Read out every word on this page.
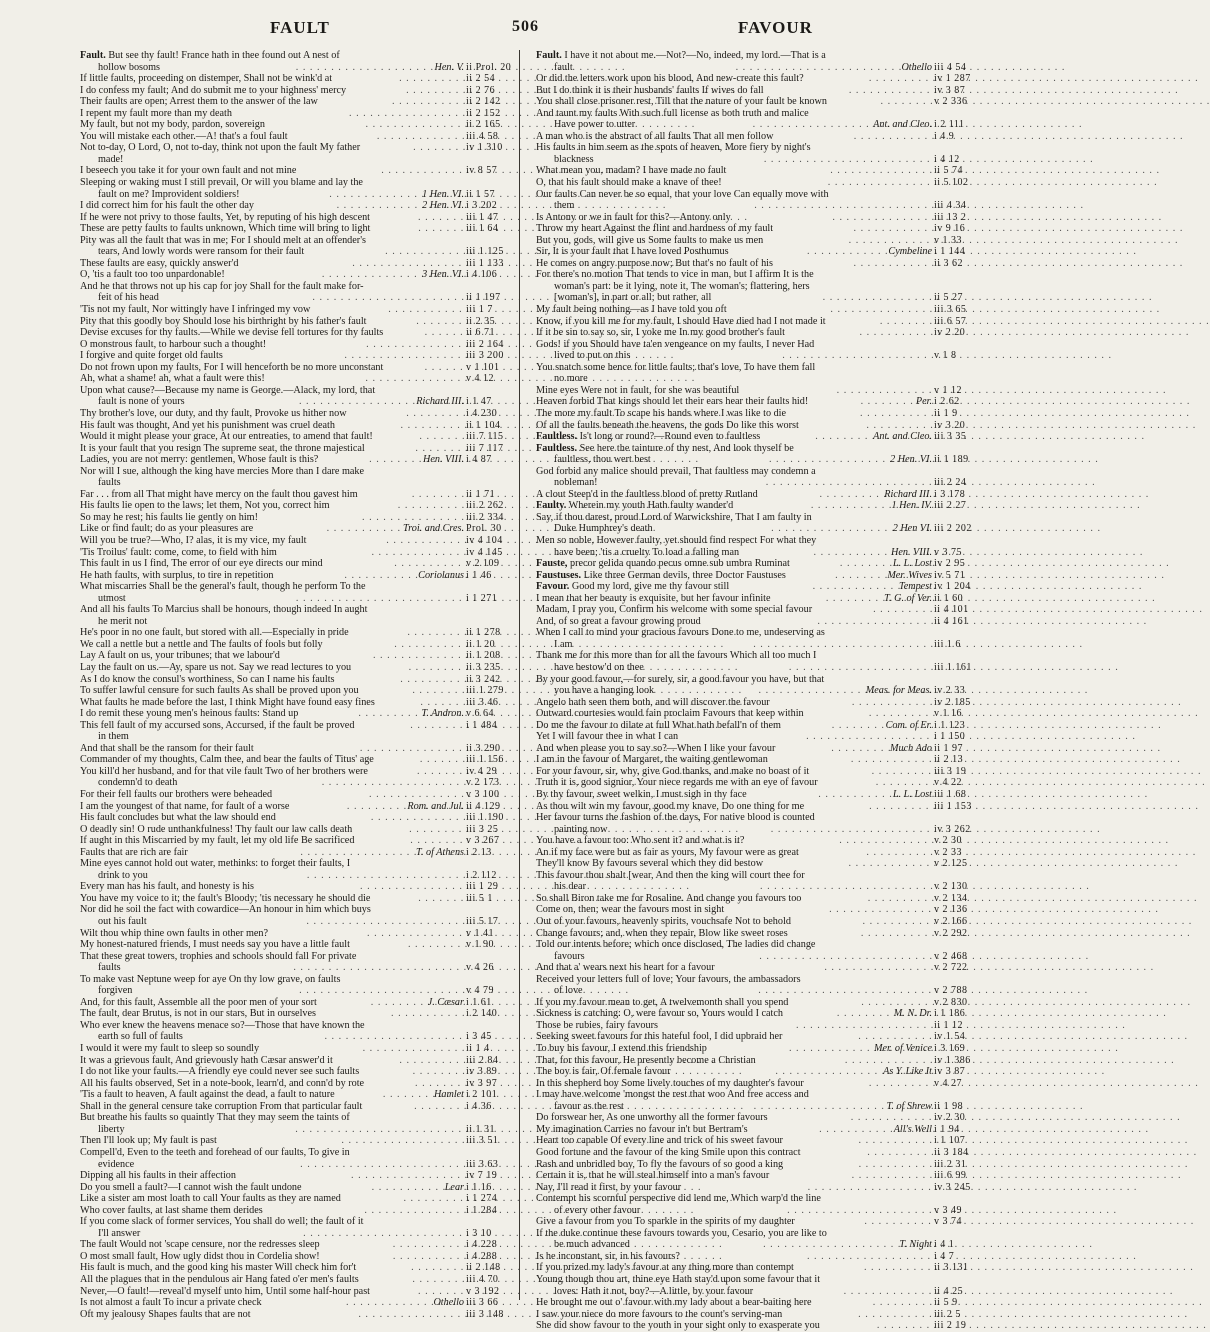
FAULT	506	FAVOUR
Fault. But see thy fault! France hath in thee found out A nest of
hollow bosoms . . .	Hen. V. ii Prol. 20
If little faults, proceeding on distemper, Shall not be wink'd at . . .	ii 2 54
I do confess my fault; And do submit me to your highness' mercy . . .	ii 2 76
Their faults are open; Arrest them to the answer of the law . . .	ii 2 142
I repent my fault more than my death . . .	ii 2 152
My fault, but not my body, pardon, sovereign . . .	ii 2 165
You will mistake each other.—A! that's a foul fault . . .	iii 4 58
Not to-day, O Lord, O, not to-day, think not upon the fault My father . . .	iv 1 310
made!
I beseech you take it for your own fault and not mine . . .	iv 8 57
Sleeping or waking must I still prevail, Or will you blame and lay the
fault on me? Improvident soldiers! . . .	1 Hen. VI. ii 1 57
I did correct him for his fault the other day . . .	2 Hen. VI. i 3 202
If he were not privy to those faults, Yet, by reputing of his high descent . . .	iii 1 47
These are petty faults to faults unknown, Which time will bring to light . . .	iii 1 64
Pity was all the fault that was in me; For I should melt at an offender's
tears, And lowly words were ransom for their fault . . .	iii 1 125
These faults are easy, quickly answer'd . . .	iii 1 133
O, 'tis a fault too too unpardonable! . . .	3 Hen. VI. i 4 106
And he that throws not up his cap for joy Shall for the fault make for-
feit of his head . . .	ii 1 197
'Tis not my fault, Nor wittingly have I infringed my vow . . .	iii 1 7
Pity that this goodly boy Should lose his birthright by his father's fault . . .	ii 2 35
Devise excuses for thy faults.—While we devise fell tortures for thy faults . . .	ii 6 71
O monstrous fault, to harbour such a thought! . . .	iii 2 164
I forgive and quite forget old faults . . .	iii 3 200
Do not frown upon my faults, For I will henceforth be no more unconstant . . .	v 1 101
Ah, what a shame! ah, what a fault were this! . . .	v 4 12
Upon what cause?—Because my name is George.—Alack, my lord, that
fault is none of yours . . .	Richard III. i 1 47
Thy brother's love, our duty, and thy fault, Provoke us hither now . . .	i 4 230
His fault was thought, And yet his punishment was cruel death . . .	ii 1 104
Would it might please your grace, At our entreaties, to amend that fault! . . .	iii 7 115
It is your fault that you resign The supreme seat, the throne majestical . . .	iii 7 117
Ladies, you are not merry: gentlemen, Whose fault is this? . . .	Hen. VIII. i 4 87
Nor will I sue, although the king have mercies More than I dare make
faults
Far . . . from all That might have mercy on the fault thou gavest him . . .	ii 1 71
His faults lie open to the laws; let them, Not you, correct him . . .	iii 2 262
So may he rest; his faults lie gently on him! . . .	iii 2 334
Like or find fault; do as your pleasures are . . .	Troi. and Cres. Prol. 30
Will you be true?—Who, I? alas, it is my vice, my fault . . .	iv 4 104
'Tis Troilus' fault: come, come, to field with him . . .	iv 4 145
This fault in us I find, The error of our eye directs our mind . . .	v 2 109
He hath faults, with surplus, to tire in repetition . . .	Coriolanus i 1 46
What miscarries Shall be the general's fault, though he perform To the
utmost . . .	i 1 271
And all his faults To Marcius shall be honours, though indeed In aught
he merit not
He's poor in no one fault, but stored with all.—Especially in pride . . .	ii 1 278
We call a nettle but a nettle and The faults of fools but folly . . .	ii 1 20
Lay A fault on us, your tribunes; that we labour'd . . .	ii 1 208
Lay the fault on us.—Ay, spare us not. Say we read lectures to you . . .	ii 3 235
As I do know the consul's worthiness, So can I name his faults . . .	ii 3 242
To suffer lawful censure for such faults As shall be proved upon you . . .	iii 1 279
What faults he made before the last, I think Might have found easy fines . . .	iii 3 46
I do remit these young men's heinous faults: Stand up . . .	T. Andron. v 6 64
This fell fault of my accursed sons, Accursed, if the fault be proved . . .	i 1 484
in them
And that shall be the ransom for their fault . . .	ii 3 290
Commander of my thoughts, Calm thee, and bear the faults of Titus' age . . .	iii 1 156
You kill'd her husband, and for that vile fault Two of her brothers were . . .	iv 4 29
condemn'd to death . . .	v 2 173
For their fell faults our brothers were beheaded . . .	v 3 100
I am the youngest of that name, for fault of a worse . . .	Rom. and Jul. ii 4 129
His fault concludes but what the law should end . . .	iii 1 190
O deadly sin! O rude unthankfulness! Thy fault our law calls death . . .	iii 3 25
If aught in this Miscarried by my fault, let my old life Be sacrificed . . .	v 3 267
Faults that are rich are fair . . .	T. of Athens i 2 13
Mine eyes cannot hold out water, methinks: to forget their faults, I
drink to you . . .	i 2 112
Every man has his fault, and honesty is his . . .	iii 1 29
You have my voice to it; the fault's Bloody; 'tis necessary he should die . . .	iii 5 1
Nor did he soil the fact with cowardice—An honour in him which buys
out his fault . . .	iii 5 17
Wilt thou whip thine own faults in other men? . . .	v 1 41
My honest-natured friends, I must needs say you have a little fault . . .	v 1 90
That these great towers, trophies and schools should fall For private
faults . . .	v 4 26
To make vast Neptune weep for aye On thy low grave, on faults
forgiven . . .	v 4 79
And, for this fault, Assemble all the poor men of your sort . . .	J. Cæsar i 1 61
The fault, dear Brutus, is not in our stars, But in ourselves . . .	i 2 140
Who ever knew the heavens menace so?—Those that have known the
earth so full of faults . . .	i 3 45
I would it were my fault to sleep so soundly . . .	ii 1 4
It was a grievous fault, And grievously hath Cæsar answer'd it . . .	iii 2 84
I do not like your faults.—A friendly eye could never see such faults . . .	iv 3 89
All his faults observed, Set in a note-book, learn'd, and conn'd by rote . . .	iv 3 97
'Tis a fault to heaven, A fault against the dead, a fault to nature . . .	Hamlet i 2 101
Shall in the general censure take corruption From that particular fault . . .	i 4 36
But breathe his faults so quaintly That they may seem the taints of
liberty . . .	ii 1 31
Then I'll look up; My fault is past . . .	iii 3 51
Compell'd, Even to the teeth and forehead of our faults, To give in
evidence . . .	iii 3 63
Dipping all his faults in their affection . . .	iv 7 19
Do you smell a fault?—I cannot wish the fault undone . . .	Lear i 1 16
Like a sister am most loath to call Your faults as they are named . . .	i 1 274
Who cover faults, at last shame them derides . . .	i 1 284
If you come slack of former services, You shall do well; the fault of it
I'll answer . . .	i 3 10
The fault Would not 'scape censure, nor the redresses sleep . . .	i 4 228
O most small fault, How ugly didst thou in Cordelia show! . . .	i 4 288
His fault is much, and the good king his master Will check him for't . . .	ii 2 148
All the plagues that in the pendulous air Hang fated o'er men's faults . . .	iii 4 70
Never,—O fault!—reveal'd myself unto him, Until some half-hour past . . .	v 3 192
Is not almost a fault To incur a private check . . .	Othello iii 3 66
Oft my jealousy Shapes faults that are not . . .	iii 3 148
Fault. I have it not about me.—Not?—No, indeed, my lord.—That is a
fault . . .	Othello iii 4 54
Or did the letters work upon his blood, And new-create this fault? . . .	iv 1 287
But I do think it is their husbands' faults If wives do fall . . .	iv 3 87
You shall close prisoner rest, Till that the nature of your fault be known . . .	v 2 336
And taunt my faults With such full license as both truth and malice
Have power to utter . . .	Ant. and Cleo. i 2 111
A man who is the abstract of all faults That all men follow . . .	i 4 9
His faults in him seem as the spots of heaven, More fiery by night's
blackness . . .	i 4 12
What mean you, madam? I have made no fault . . .	ii 5 74
O, that his fault should make a knave of thee! . . .	ii 5 102
Our faults Can never be so equal, that your love Can equally move with
them . . .	iii 4 34
Is Antony or we in fault for this?—Antony only . . .	iii 13 2
Throw my heart Against the flint and hardness of my fault . . .	iv 9 16
But you, gods, will give us Some faults to make us men . . .	v 1 33
Sir, It is your fault that I have loved Posthumus . . .	Cymbeline i 1 144
He comes on angry purpose now; But that's no fault of his . . .	ii 3 62
For there's no motion That tends to vice in man, but I affirm It is the
woman's part: be it lying, note it, The woman's; flattering, hers
[woman's], in part or all; but rather, all . . .	ii 5 27
My fault being nothing—as I have told you oft . . .	iii 3 65
Know, if you kill me for my fault, I should Have died had I not made it . . .	iii 6 57
If it be sin to say so, sir, I yoke me In my good brother's fault . . .	iv 2 20
Gods! if you Should have ta'en vengeance on my faults, I never Had
lived to put on this . . .	v 1 8
You snatch some hence for little faults; that's love, To have them fall
no more
Mine eyes Were not in fault, for she was beautiful . . .	v 1 12
Heaven forbid That kings should let their ears hear their faults hid! . . .	Per. i 2 62
The more my fault To scape his hands where I was like to die . . .	ii 1 9
Of all the faults beneath the heavens, the gods Do like this worst . . .	iv 3 20
Faultless. Is't long or round?—Round even to faultless . . .	Ant. and Cleo. iii 3 35
Faultless. See here the tainture of thy nest, And look thyself be
faultless, thou wert best . . .	2 Hen. VI. ii 1 189
God forbid any malice should prevail, That faultless may condemn a
nobleman! . . .	iii 2 24
A clout Steep'd in the faultless blood of pretty Rutland . . .	Richard III. i 3 178
Faulty. Wherein my youth Hath faulty wander'd . . .	1 Hen. IV. iii 2 27
Say, if thou darest, proud Lord of Warwickshire, That I am faulty in
Duke Humphrey's death . . .	2 Hen VI. iii 2 202
Men so noble, However faulty, yet should find respect For what they
have been; 'tis a cruelty To load a falling man . . .	Hen. VIII. v 3 75
Fauste, precor gelida quando pecus omne sub umbra Ruminat . . .	L. L. Lost iv 2 95
Faustuses. Like three German devils, three Doctor Faustuses . . .	Mer. Wives iv 5 71
Favour. Good my lord, give me thy favour still . . .	Tempest iv 1 204
I mean that her beauty is exquisite, but her favour infinite . . .	T. G. of Ver. ii 1 60
Madam, I pray you, Confirm his welcome with some special favour . . .	ii 4 101
And, of so great a favour growing proud . . .	ii 4 161
When I call to mind your gracious favours Done to me, undeserving as
I am . . .	iii 1 6
Thank me for this more than for all the favours Which all too much I
have bestow'd on thee . . .	iii 1 161
By your good favour,—for surely, sir, a good favour you have, but that
you have a hanging look . . .	Meas. for Meas. iv 2 33
Angelo hath seen them both, and will discover the favour . . .	iv 2 185
Outward courtesies would fain proclaim Favours that keep within . . .	v 1 16
Do me the favour to dilate at full What hath befall'n of them . . .	Com. of Er. i 1 123
Yet I will favour thee in what I can . . .	i 1 150
And when please you to say so?—When I like your favour . . .	Much Ado ii 1 97
I am in the favour of Margaret, the waiting gentlewoman . . .	ii 2 13
For your favour, sir, why, give God thanks, and make no boast of it . . .	iii 3 19
Truth it is, good signior, Your niece regards me with an eye of favour . . .	v 4 22
By thy favour, sweet welkin, I must sigh in thy face . . .	L. L. Lost iii 1 68
As thou wilt win my favour, good my knave, Do one thing for me . . .	iii 1 153
Her favour turns the fashion of the days, For native blood is counted
painting now . . .	iv 3 262
You have a favour too: Who sent it? and what is it? . . .	v 2 30
An if my face were but as fair as yours, My favour were as great . . .	v 2 33
They'll know By favours several which they did bestow . . .	v 2 125
This favour thou shalt [wear, And then the king will court thee for
his dear . . .	v 2 130
So shall Biron take me for Rosaline. And change you favours too . . .	v 2 134
Come on, then; wear the favours most in sight . . .	v 2 136
Out of your favours, heavenly spirits, vouchsafe Not to behold . . .	v 2 166
Change favours; and, when they repair, Blow like sweet roses . . .	v 2 292
Told our intents before; which once disclosed, The ladies did change
favours . . .	v 2 468
And that a' wears next his heart for a favour . . .	v 2 722
Received your letters full of love; Your favours, the ambassadors
of love . . .	v 2 788
If you my favour mean to get, A twelvemonth shall you spend . . .	v 2 830
Sickness is catching: O, were favour so, Yours would I catch . . .	M. N. Dr. i 1 186
Those be rubies, fairy favours . . .	ii 1 12
Seeking sweet favours for this hateful fool, I did upbraid her . . .	iv 1 54
To buy his favour, I extend this friendship . . .	Mer. of Venice i 3 169
That, for this favour, He presently become a Christian . . .	iv 1 386
The boy is fair, Of female favour . . .	As Y. Like It iv 3 87
In this shepherd boy Some lively touches of my daughter's favour . . .	v 4 27
I may have welcome 'mongst the rest that woo And free access and
favour as the rest . . .	T. of Shrew ii 1 98
Do forswear her, As one unworthy all the former favours . . .	iv 2 30
My imagination Carries no favour in't but Bertram's . . .	All's Well i 1 94
Heart too capable Of every line and trick of his sweet favour . . .	i 1 107
Good fortune and the favour of the king Smile upon this contract . . .	ii 3 184
Rash and unbridled boy, To fly the favours of so good a king . . .	iii 2 31
Certain it is, that he will steal himself into a man's favour . . .	iii 6 99
Nay, I'll read it first, by your favour . . .	iv 3 245
Contempt his scornful perspective did lend me, Which warp'd the line
of every other favour . . .	v 3 49
Give a favour from you To sparkle in the spirits of my daughter . . .	v 3 74
If the duke continue these favours towards you, Cesario, you are like to
be much advanced . . .	T. Night i 4 1
Is he inconstant, sir, in his favours? . . .	i 4 7
If you prized my lady's favour at any thing more than contempt . . .	ii 3 131
Young though thou art, thine eye Hath stay'd upon some favour that it
loves: Hath it not, boy?—A little, by your favour . . .	ii 4 25
He brought me out o' favour with my lady about a bear-baiting here . . .	ii 5 9
I saw your niece do more favours to the count's serving-man . . .	iii 2 5
She did show favour to the youth in your sight only to exasperate you . . .	iii 2 19
